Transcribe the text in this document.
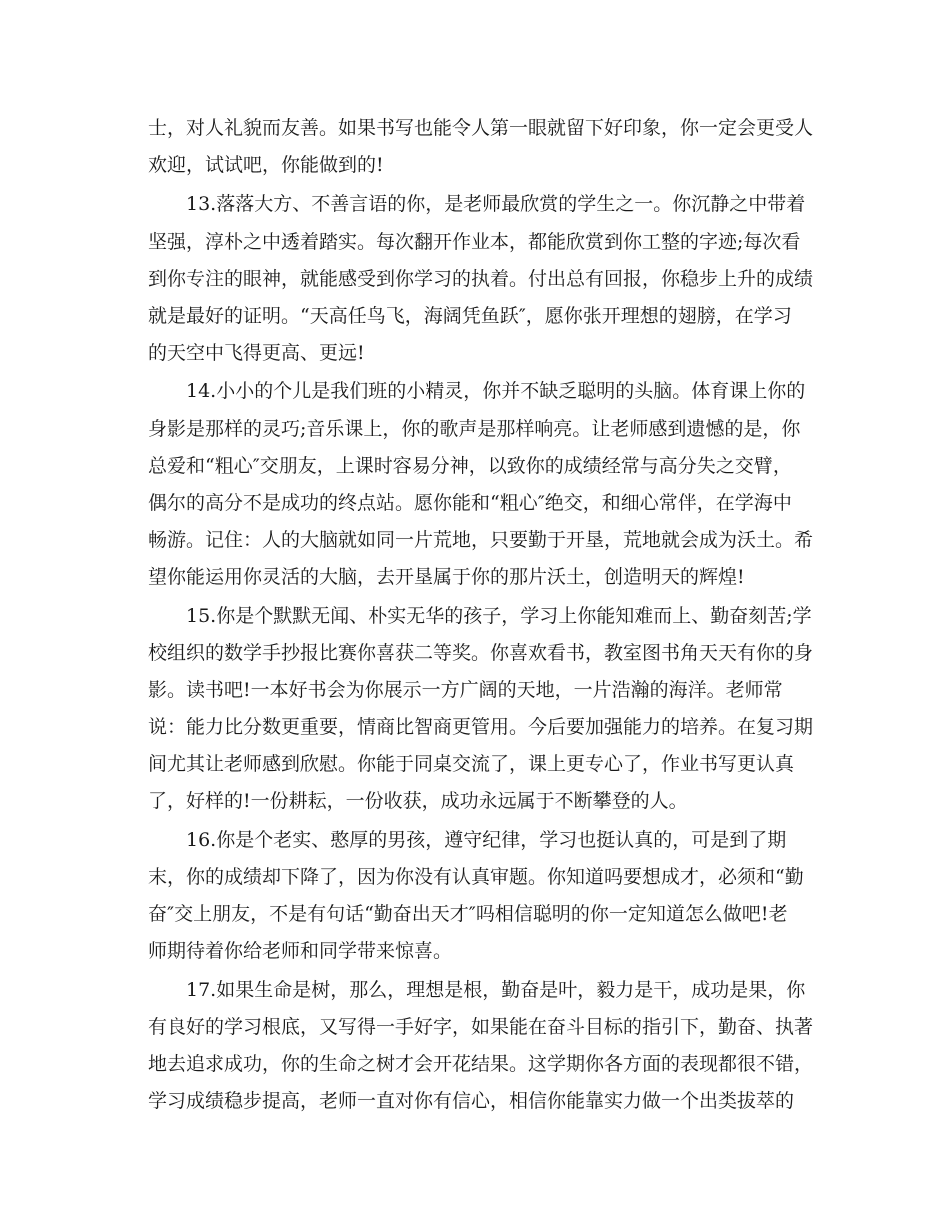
士，对人礼貌而友善。如果书写也能令人第一眼就留下好印象，你一定会更受人
欢迎，试试吧，你能做到的!
13.落落大方、不善言语的你，是老师最欣赏的学生之一。你沉静之中带着
坚强，淳朴之中透着踏实。每次翻开作业本，都能欣赏到你工整的字迹;每次看
到你专注的眼神，就能感受到你学习的执着。付出总有回报，你稳步上升的成绩
就是最好的证明。“天高任鸟飞，海阔凭鱼跃″，愿你张开理想的翅膀，在学习
的天空中飞得更高、更远!
14.小小的个儿是我们班的小精灵，你并不缺乏聪明的头脑。体育课上你的
身影是那样的灵巧;音乐课上，你的歌声是那样响亮。让老师感到遗憾的是，你
总爱和“粗心″交朋友，上课时容易分神，以致你的成绩经常与高分失之交臂，
偶尔的高分不是成功的终点站。愿你能和“粗心″绝交，和细心常伴，在学海中
畅游。记住：人的大脑就如同一片荒地，只要勤于开垦，荒地就会成为沃土。希
望你能运用你灵活的大脑，去开垦属于你的那片沃土，创造明天的辉煌!
15.你是个默默无闻、朴实无华的孩子，学习上你能知难而上、勤奋刻苦;学
校组织的数学手抄报比赛你喜获二等奖。你喜欢看书，教室图书角天天有你的身
影。读书吧!一本好书会为你展示一方广阔的天地，一片浩瀚的海洋。老师常
说：能力比分数更重要，情商比智商更管用。今后要加强能力的培养。在复习期
间尤其让老师感到欣慰。你能于同桌交流了，课上更专心了，作业书写更认真
了，好样的!一份耕耘，一份收获，成功永远属于不断攀登的人。
16.你是个老实、憨厚的男孩，遵守纪律，学习也挺认真的，可是到了期
末，你的成绩却下降了，因为你没有认真审题。你知道吗要想成才，必须和“勤
奋″交上朋友，不是有句话“勤奋出天才″吗相信聪明的你一定知道怎么做吧!老
师期待着你给老师和同学带来惊喜。
17.如果生命是树，那么，理想是根，勤奋是叶，毅力是干，成功是果，你
有良好的学习根底，又写得一手好字，如果能在奋斗目标的指引下，勤奋、执著
地去追求成功，你的生命之树才会开花结果。这学期你各方面的表现都很不错，
学习成绩稳步提高，老师一直对你有信心，相信你能靠实力做一个出类拔萃的
